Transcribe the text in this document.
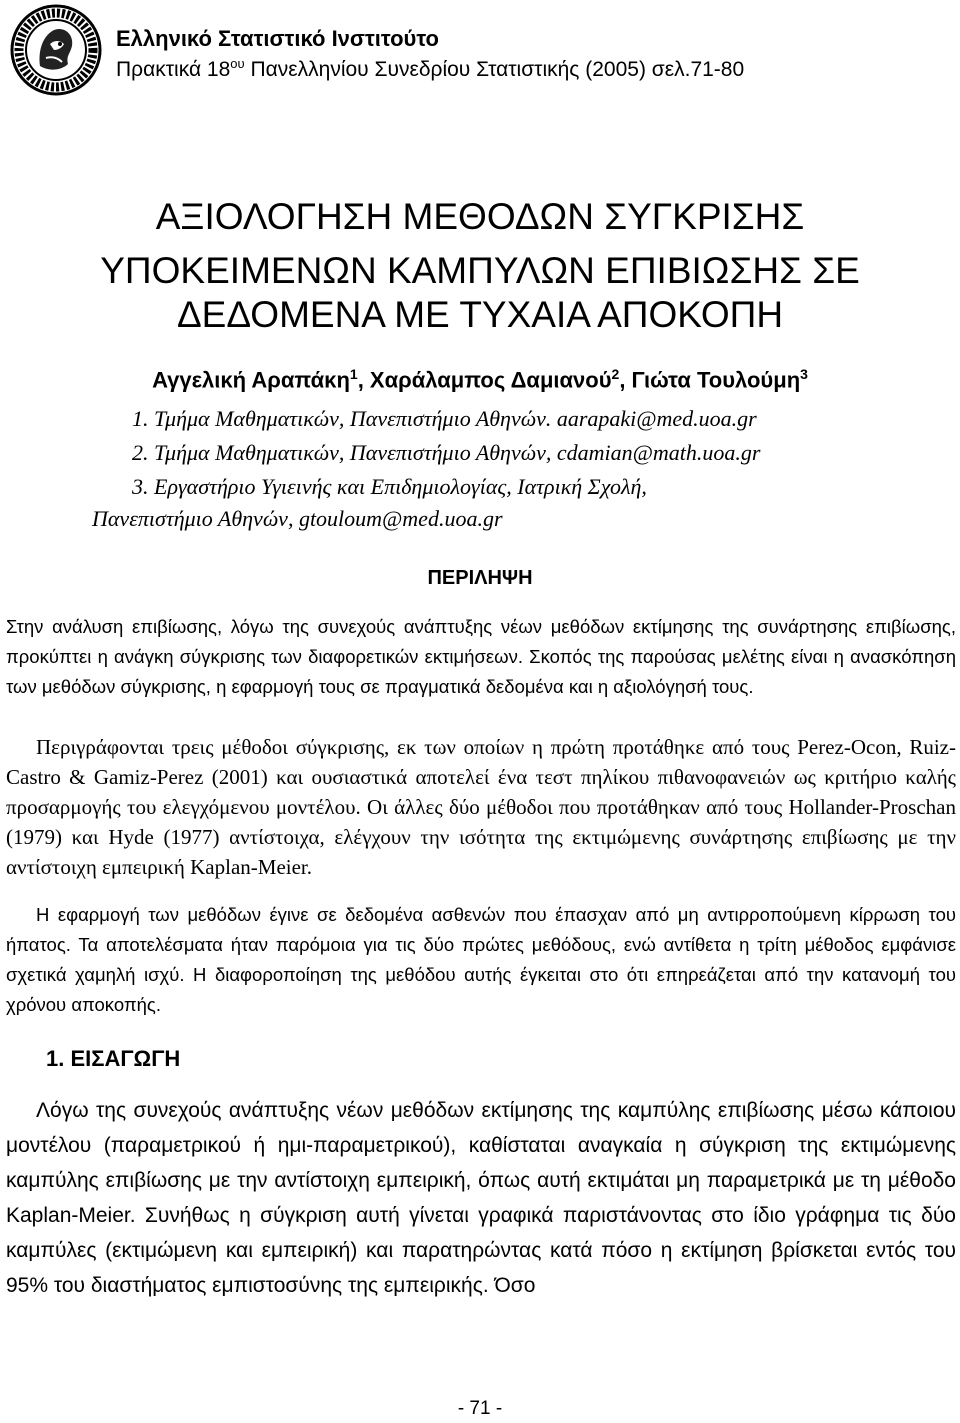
Ελληνικό Στατιστικό Ινστιτούτο
Πρακτικά $18^{o\upsilon}$ Πανελληνίου Συνεδρίου Στατιστικής (2005) σελ.71-80
ΑΞΙΟΛΟΓΗΣΗ ΜΕΘΟΔΩΝ ΣΥΓΚΡΙΣΗΣ
ΥΠΟΚΕΙΜΕΝΩΝ ΚΑΜΠΥΛΩΝ ΕΠΙΒΙΩΣΗΣ ΣΕ
ΔΕΔΟΜΕΝΑ ΜΕ ΤΥΧΑΙΑ ΑΠΟΚΟΠΗ
Αγγελική Αραπάκη$^1$, Χαράλαμπος Δαμιανού$^2$, Γιώτα Τουλούμη$^3$
1. Τμήμα Μαθηματικών, Πανεπιστήμιο Αθηνών. aarapaki@med.uoa.gr
2. Τμήμα Μαθηματικών, Πανεπιστήμιο Αθηνών, cdamian@math.uoa.gr
3. Εργαστήριο Υγιεινής και Επιδημιολογίας, Ιατρική Σχολή,
Πανεπιστήμιο Αθηνών, gtouloum@med.uoa.gr
ΠΕΡΙΛΗΨΗ
Στην ανάλυση επιβίωσης, λόγω της συνεχούς ανάπτυξης νέων μεθόδων εκτίμησης της συνάρτησης επιβίωσης, προκύπτει η ανάγκη σύγκρισης των διαφορετικών εκτιμήσεων. Σκοπός της παρούσας μελέτης είναι η ανασκόπηση των μεθόδων σύγκρισης, η εφαρμογή τους σε πραγματικά δεδομένα και η αξιολόγησή τους.
Περιγράφονται τρεις μέθοδοι σύγκρισης, εκ των οποίων η πρώτη προτάθηκε από τους Perez-Ocon, Ruiz-Castro & Gamiz-Perez (2001) και ουσιαστικά αποτελεί ένα τεστ πηλίκου πιθανοφανειών ως κριτήριο καλής προσαρμογής του ελεγχόμενου μοντέλου. Οι άλλες δύο μέθοδοι που προτάθηκαν από τους Hollander-Proschan (1979) και Hyde (1977) αντίστοιχα, ελέγχουν την ισότητα της εκτιμώμενης συνάρτησης επιβίωσης με την αντίστοιχη εμπειρική Kaplan-Meier.
Η εφαρμογή των μεθόδων έγινε σε δεδομένα ασθενών που έπασχαν από μη αντιρροπούμενη κίρρωση του ήπατος. Τα αποτελέσματα ήταν παρόμοια για τις δύο πρώτες μεθόδους, ενώ αντίθετα η τρίτη μέθοδος εμφάνισε σχετικά χαμηλή ισχύ. Η διαφοροποίηση της μεθόδου αυτής έγκειται στο ότι επηρεάζεται από την κατανομή του χρόνου αποκοπής.
1. ΕΙΣΑΓΩΓΗ
Λόγω της συνεχούς ανάπτυξης νέων μεθόδων εκτίμησης της καμπύλης επιβίωσης μέσω κάποιου μοντέλου (παραμετρικού ή ημι-παραμετρικού), καθίσταται αναγκαία η σύγκριση της εκτιμώμενης καμπύλης επιβίωσης με την αντίστοιχη εμπειρική, όπως αυτή εκτιμάται μη παραμετρικά με τη μέθοδο Kaplan-Meier. Συνήθως η σύγκριση αυτή γίνεται γραφικά παριστάνοντας στο ίδιο γράφημα τις δύο καμπύλες (εκτιμώμενη και εμπειρική) και παρατηρώντας κατά πόσο η εκτίμηση βρίσκεται εντός του 95% του διαστήματος εμπιστοσύνης της εμπειρικής. Όσο
- 71 -
